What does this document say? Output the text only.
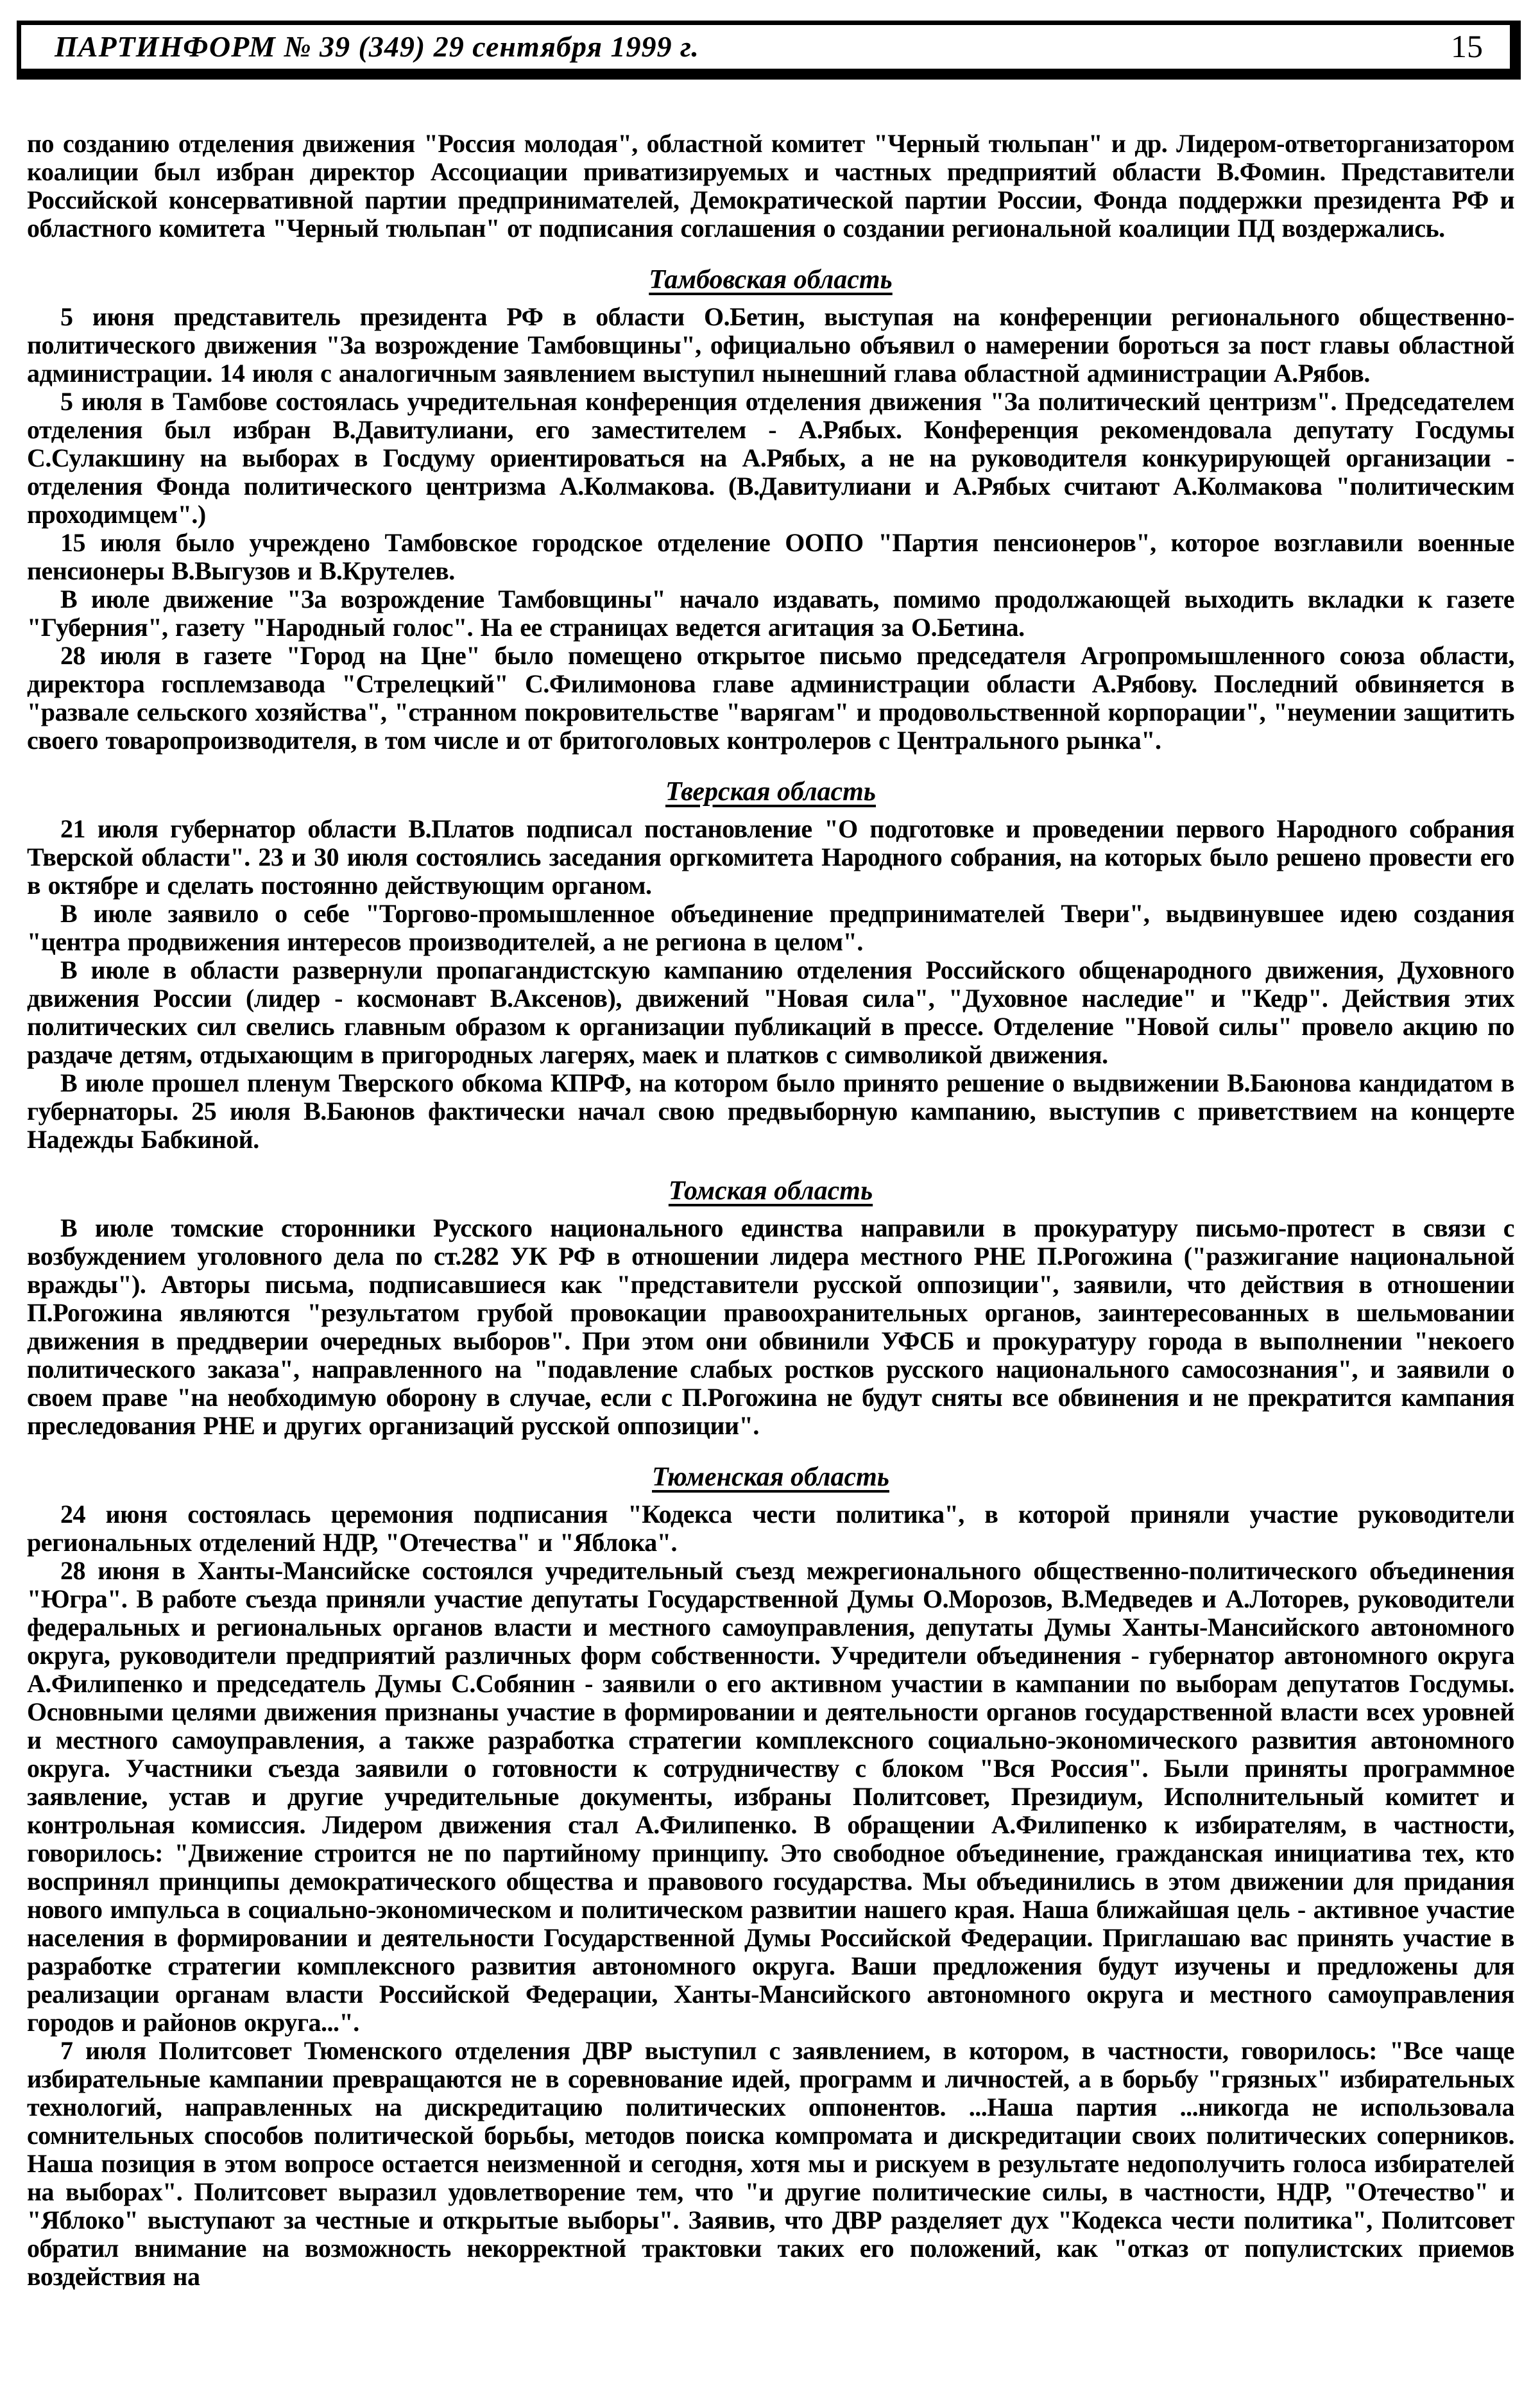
ПАРТИНФОРМ № 39 (349) 29 сентября 1999 г.	15

по созданию отделения движения "Россия молодая", областной комитет "Черный тюльпан" и др. Лидером-ответорганизатором коалиции был избран директор Ассоциации приватизируемых и частных предприятий области В.Фомин. Представители Российской консервативной партии предпринимателей, Демократической партии России, Фонда поддержки президента РФ и областного комитета "Черный тюльпан" от подписания соглашения о создании региональной коалиции ПД воздержались.

Тамбовская область

5 июня представитель президента РФ в области О.Бетин, выступая на конференции регионального общественно-политического движения "За возрождение Тамбовщины", официально объявил о намерении бороться за пост главы областной администрации. 14 июля с аналогичным заявлением выступил нынешний глава областной администрации А.Рябов.

5 июля в Тамбове состоялась учредительная конференция отделения движения "За политический центризм". Председателем отделения был избран В.Давитулиани, его заместителем - А.Рябых. Конференция рекомендовала депутату Госдумы С.Сулакшину на выборах в Госдуму ориентироваться на А.Рябых, а не на руководителя конкурирующей организации - отделения Фонда политического центризма А.Колмакова. (В.Давитулиани и А.Рябых считают А.Колмакова "политическим проходимцем".)

15 июля было учреждено Тамбовское городское отделение ООПО "Партия пенсионеров", которое возглавили военные пенсионеры В.Выгузов и В.Крутелев.

В июле движение "За возрождение Тамбовщины" начало издавать, помимо продолжающей выходить вкладки к газете "Губерния", газету "Народный голос". На ее страницах ведется агитация за О.Бетина.

28 июля в газете "Город на Цне" было помещено открытое письмо председателя Агропромышленного союза области, директора госплемзавода "Стрелецкий" С.Филимонова главе администрации области А.Рябову. Последний обвиняется в "развале сельского хозяйства", "странном покровительстве "варягам" и продовольственной корпорации", "неумении защитить своего товаропроизводителя, в том числе и от бритоголовых контролеров с Центрального рынка".

Тверская область

21 июля губернатор области В.Платов подписал постановление "О подготовке и проведении первого Народного собрания Тверской области". 23 и 30 июля состоялись заседания оргкомитета Народного собрания, на которых было решено провести его в октябре и сделать постоянно действующим органом.

В июле заявило о себе "Торгово-промышленное объединение предпринимателей Твери", выдвинувшее идею создания "центра продвижения интересов производителей, а не региона в целом".

В июле в области развернули пропагандистскую кампанию отделения Российского общенародного движения, Духовного движения России (лидер - космонавт В.Аксенов), движений "Новая сила", "Духовное наследие" и "Кедр". Действия этих политических сил свелись главным образом к организации публикаций в прессе. Отделение "Новой силы" провело акцию по раздаче детям, отдыхающим в пригородных лагерях, маек и платков с символикой движения.

В июле прошел пленум Тверского обкома КПРФ, на котором было принято решение о выдвижении В.Баюнова кандидатом в губернаторы. 25 июля В.Баюнов фактически начал свою предвыборную кампанию, выступив с приветствием на концерте Надежды Бабкиной.

Томская область

В июле томские сторонники Русского национального единства направили в прокуратуру письмо-протест в связи с возбуждением уголовного дела по ст.282 УК РФ в отношении лидера местного РНЕ П.Рогожина ("разжигание национальной вражды"). Авторы письма, подписавшиеся как "представители русской оппозиции", заявили, что действия в отношении П.Рогожина являются "результатом грубой провокации правоохранительных органов, заинтересованных в шельмовании движения в преддверии очередных выборов". При этом они обвинили УФСБ и прокуратуру города в выполнении "некоего политического заказа", направленного на "подавление слабых ростков русского национального самосознания", и заявили о своем праве "на необходимую оборону в случае, если с П.Рогожина не будут сняты все обвинения и не прекратится кампания преследования РНЕ и других организаций русской оппозиции".

Тюменская область

24 июня состоялась церемония подписания "Кодекса чести политика", в которой приняли участие руководители региональных отделений НДР, "Отечества" и "Яблока".

28 июня в Ханты-Мансийске состоялся учредительный съезд межрегионального общественно-политического объединения "Югра". В работе съезда приняли участие депутаты Государственной Думы О.Морозов, В.Медведев и А.Лоторев, руководители федеральных и региональных органов власти и местного самоуправления, депутаты Думы Ханты-Мансийского автономного округа, руководители предприятий различных форм собственности. Учредители объединения - губернатор автономного округа А.Филипенко и председатель Думы С.Собянин - заявили о его активном участии в кампании по выборам депутатов Госдумы. Основными целями движения признаны участие в формировании и деятельности органов государственной власти всех уровней и местного самоуправления, а также разработка стратегии комплексного социально-экономического развития автономного округа. Участники съезда заявили о готовности к сотрудничеству с блоком "Вся Россия". Были приняты программное заявление, устав и другие учредительные документы, избраны Политсовет, Президиум, Исполнительный комитет и контрольная комиссия. Лидером движения стал А.Филипенко. В обращении А.Филипенко к избирателям, в частности, говорилось: "Движение строится не по партийному принципу. Это свободное объединение, гражданская инициатива тех, кто воспринял принципы демократического общества и правового государства. Мы объединились в этом движении для придания нового импульса в социально-экономическом и политическом развитии нашего края. Наша ближайшая цель - активное участие населения в формировании и деятельности Государственной Думы Российской Федерации. Приглашаю вас принять участие в разработке стратегии комплексного развития автономного округа. Ваши предложения будут изучены и предложены для реализации органам власти Российской Федерации, Ханты-Мансийского автономного округа и местного самоуправления городов и районов округа...".

7 июля Политсовет Тюменского отделения ДВР выступил с заявлением, в котором, в частности, говорилось: "Все чаще избирательные кампании превращаются не в соревнование идей, программ и личностей, а в борьбу "грязных" избирательных технологий, направленных на дискредитацию политических оппонентов. ...Наша партия ...никогда не использовала сомнительных способов политической борьбы, методов поиска компромата и дискредитации своих политических соперников. Наша позиция в этом вопросе остается неизменной и сегодня, хотя мы и рискуем в результате недополучить голоса избирателей на выборах". Политсовет выразил удовлетворение тем, что "и другие политические силы, в частности, НДР, "Отечество" и "Яблоко" выступают за честные и открытые выборы". Заявив, что ДВР разделяет дух "Кодекса чести политика", Политсовет обратил внимание на возможность некорректной трактовки таких его положений, как "отказ от популистских приемов воздействия на
